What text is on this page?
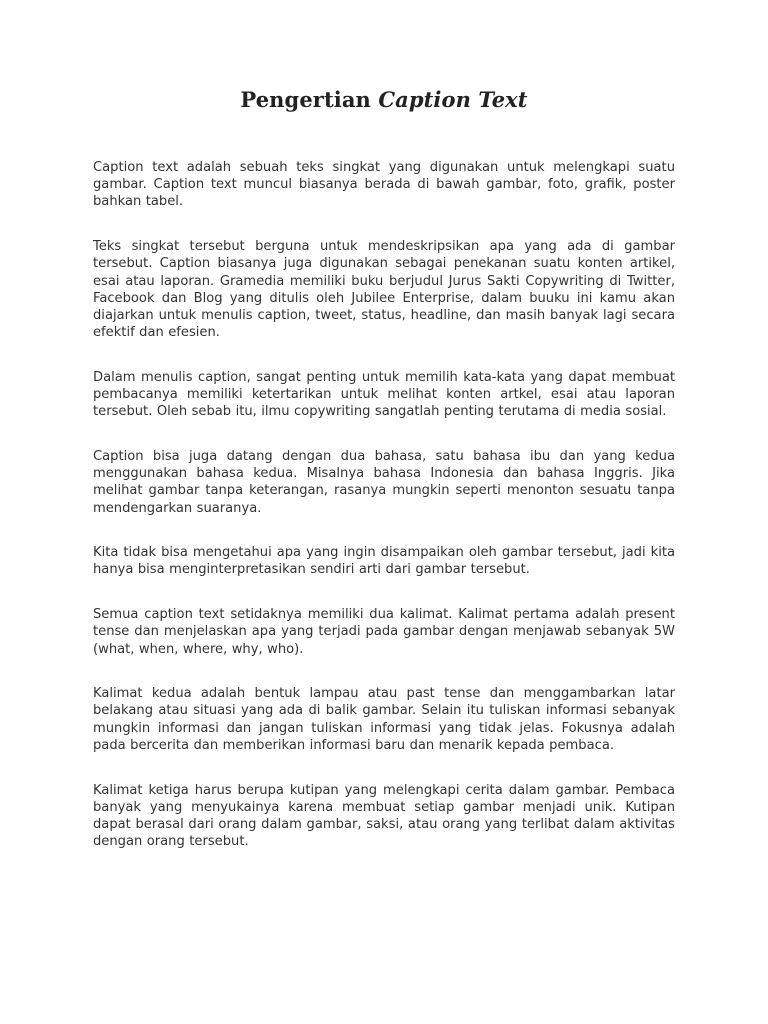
Pengertian Caption Text

Caption text adalah sebuah teks singkat yang digunakan untuk melengkapi suatu gambar. Caption text muncul biasanya berada di bawah gambar, foto, grafik, poster bahkan tabel.

Teks singkat tersebut berguna untuk mendeskripsikan apa yang ada di gambar tersebut. Caption biasanya juga digunakan sebagai penekanan suatu konten artikel, esai atau laporan. Gramedia memiliki buku berjudul Jurus Sakti Copywriting di Twitter, Facebook dan Blog yang ditulis oleh Jubilee Enterprise, dalam buuku ini kamu akan diajarkan untuk menulis caption, tweet, status, headline, dan masih banyak lagi secara efektif dan efesien.

Dalam menulis caption, sangat penting untuk memilih kata-kata yang dapat membuat pembacanya memiliki ketertarikan untuk melihat konten artkel, esai atau laporan tersebut. Oleh sebab itu, ilmu copywriting sangatlah penting terutama di media sosial.

Caption bisa juga datang dengan dua bahasa, satu bahasa ibu dan yang kedua menggunakan bahasa kedua. Misalnya bahasa Indonesia dan bahasa Inggris. Jika melihat gambar tanpa keterangan, rasanya mungkin seperti menonton sesuatu tanpa mendengarkan suaranya.

Kita tidak bisa mengetahui apa yang ingin disampaikan oleh gambar tersebut, jadi kita hanya bisa menginterpretasikan sendiri arti dari gambar tersebut.

Semua caption text setidaknya memiliki dua kalimat. Kalimat pertama adalah present tense dan menjelaskan apa yang terjadi pada gambar dengan menjawab sebanyak 5W (what, when, where, why, who).

Kalimat kedua adalah bentuk lampau atau past tense dan menggambarkan latar belakang atau situasi yang ada di balik gambar. Selain itu tuliskan informasi sebanyak mungkin informasi dan jangan tuliskan informasi yang tidak jelas. Fokusnya adalah pada bercerita dan memberikan informasi baru dan menarik kepada pembaca.

Kalimat ketiga harus berupa kutipan yang melengkapi cerita dalam gambar. Pembaca banyak yang menyukainya karena membuat setiap gambar menjadi unik. Kutipan dapat berasal dari orang dalam gambar, saksi, atau orang yang terlibat dalam aktivitas dengan orang tersebut.
